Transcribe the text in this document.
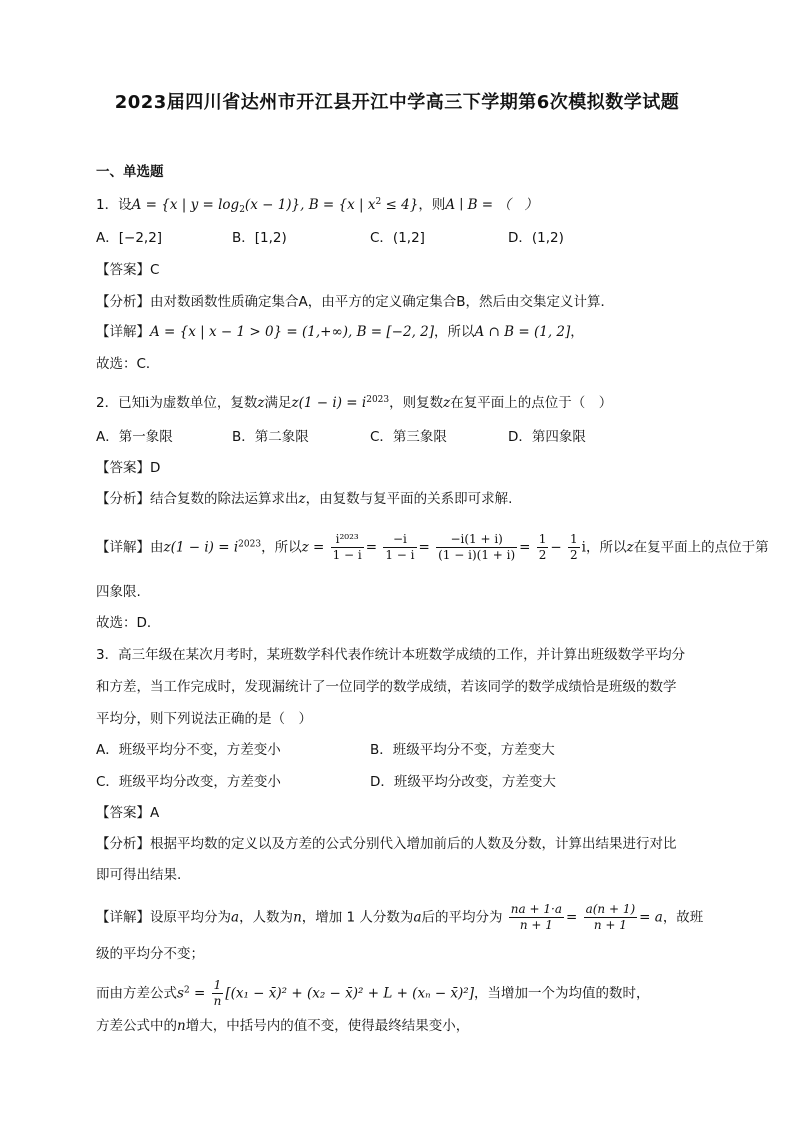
2023届四川省达州市开江县开江中学高三下学期第6次模拟数学试题
一、单选题
1．设A = {x | $y = \log_2(x - 1)$}, B = {x | $x^2 \le 4$}，则A ∣ B = （　）
A．[−2,2]	B．[1,2)	C．(1,2]	D．(1,2)
【答案】C
【分析】由对数函数性质确定集合A，由平方的定义确定集合B，然后由交集定义计算．
【详解】A = {x | x − 1 > 0} = (1,+∞), B = [−2, 2]，所以A ∩ B = (1, 2]，
故选：C．
2．已知i为虚数单位，复数z满足$z(1 - i) = i^{2023}$，则复数z在复平面上的点位于（　）
A．第一象限	B．第二象限	C．第三象限	D．第四象限
【答案】D
【分析】结合复数的除法运算求出z，由复数与复平面的关系即可求解.
【详解】由$z(1 - i) = i^{2023}$，所以$z = \frac{\text{i²⁰²³}}{1 - i} = \frac{-i}{1 - i} = \frac{-i(1 + i)}{(1 - i)(1 + i)} = \frac{1}{2} - \frac{1}{2}$ i，所以z在复平面上的点位于第
四象限.
故选：D．
3．高三年级在某次月考时，某班数学科代表作统计本班数学成绩的工作，并计算出班级数学平均分
和方差，当工作完成时，发现漏统计了一位同学的数学成绩，若该同学的数学成绩恰是班级的数学
平均分，则下列说法正确的是（　）
A．班级平均分不变，方差变小	B．班级平均分不变，方差变大
C．班级平均分改变，方差变小	D．班级平均分改变，方差变大
【答案】A
【分析】根据平均数的定义以及方差的公式分别代入增加前后的人数及分数，计算出结果进行对比
即可得出结果.
【详解】设原平均分为a，人数为n，增加 1 人分数为a后的平均分为 $\frac{na + 1\cdot a}{n + 1} = \frac{a(n + 1)}{n + 1} = a$，故班
级的平均分不变；
而由方差公式$s^2 = \frac{1}{n} [(x_1$ − x̄)² + (x₂ − x̄)² + L + (xₙ − x̄)²]，当增加一个为均值的数时，
方差公式中的n增大，中括号内的值不变，使得最终结果变小，
